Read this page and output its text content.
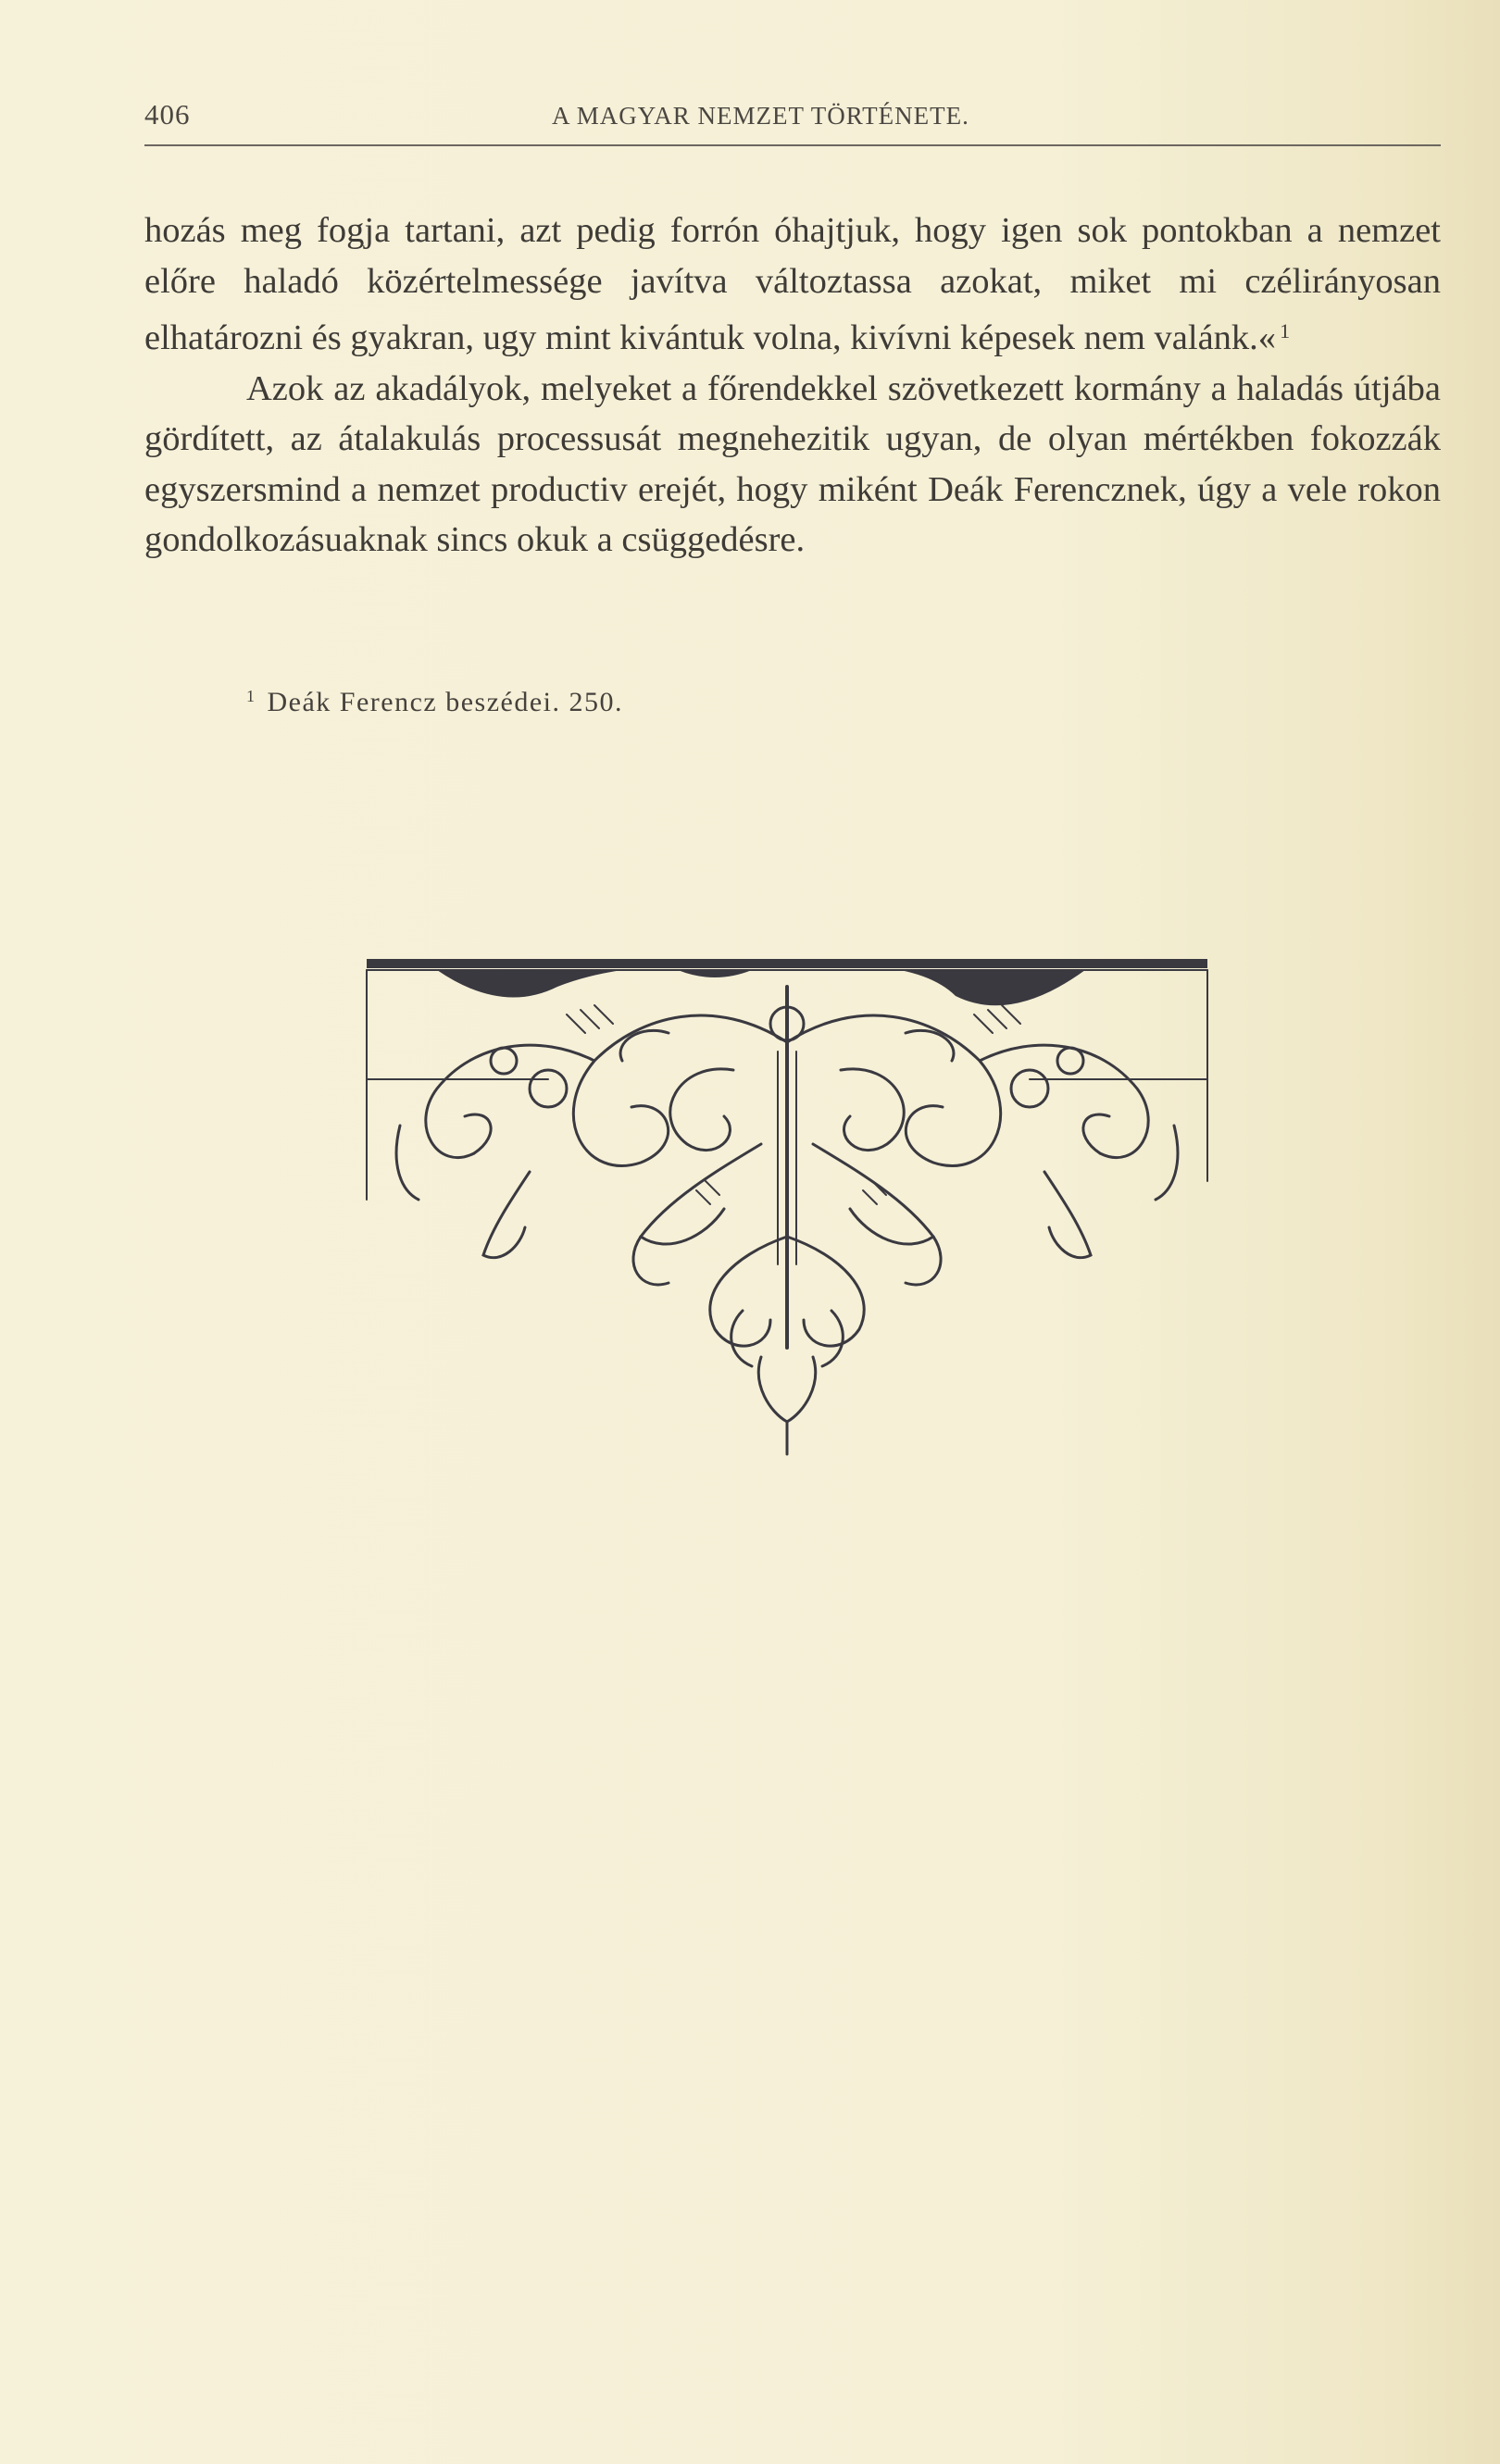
406	A MAGYAR NEMZET TÖRTÉNETE.

hozás meg fogja tartani, azt pedig forrón óhajtjuk, hogy igen sok pontokban a nemzet előre haladó közértelmessége javítva változtassa azokat, miket mi czélirányosan elhatározni és gyakran, ugy mint kivántuk volna, kivívni képesek nem valánk.« $^1$

Azok az akadályok, melyeket a főrendekkel szövetkezett kormány a haladás útjába gördített, az átalakulás processusát megnehezitik ugyan, de olyan mértékben fokozzák egyszersmind a nemzet productiv erejét, hogy miként Deák Ferencznek, úgy a vele rokon gondolkozásuaknak sincs okuk a csüggedésre.

$^1$ Deák Ferencz beszédei. 250.
